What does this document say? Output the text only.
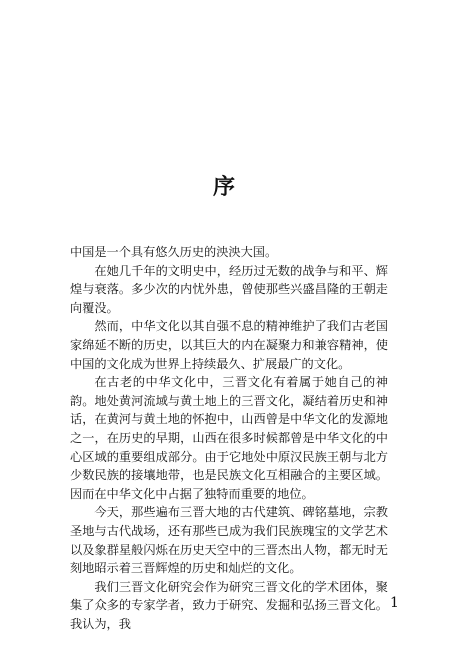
序

中国是一个具有悠久历史的泱泱大国。

在她几千年的文明史中，经历过无数的战争与和平、辉煌与衰落。多少次的内忧外患，曾使那些兴盛昌隆的王朝走向覆没。

然而，中华文化以其自强不息的精神维护了我们古老国家绵延不断的历史，以其巨大的内在凝聚力和兼容精神，使中国的文化成为世界上持续最久、扩展最广的文化。

在古老的中华文化中，三晋文化有着属于她自己的神韵。地处黄河流域与黄土地上的三晋文化，凝结着历史和神话，在黄河与黄土地的怀抱中，山西曾是中华文化的发源地之一，在历史的早期，山西在很多时候都曾是中华文化的中心区域的重要组成部分。由于它地处中原汉民族王朝与北方少数民族的接壤地带，也是民族文化互相融合的主要区域。因而在中华文化中占据了独特而重要的地位。

今天，那些遍布三晋大地的古代建筑、碑铭墓地，宗教圣地与古代战场，还有那些已成为我们民族瑰宝的文学艺术以及象群星般闪烁在历史天空中的三晋杰出人物，都无时无刻地昭示着三晋辉煌的历史和灿烂的文化。

我们三晋文化研究会作为研究三晋文化的学术团体，聚集了众多的专家学者，致力于研究、发掘和弘扬三晋文化。我认为，我

1
